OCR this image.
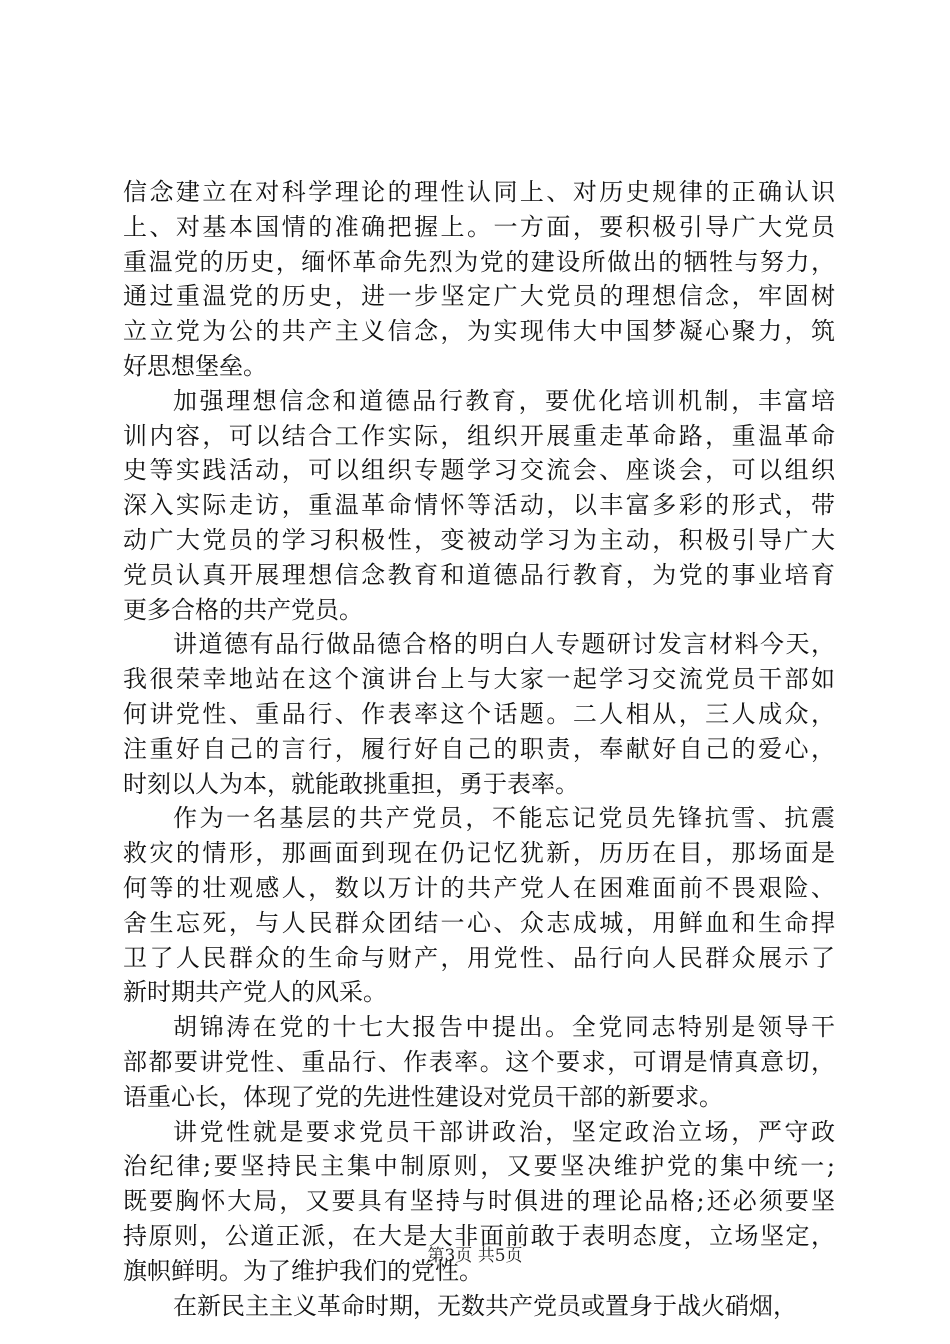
信念建立在对科学理论的理性认同上、对历史规律的正确认识
上、对基本国情的准确把握上。一方面，要积极引导广大党员
重温党的历史，缅怀革命先烈为党的建设所做出的牺牲与努力，
通过重温党的历史，进一步坚定广大党员的理想信念，牢固树
立立党为公的共产主义信念，为实现伟大中国梦凝心聚力，筑
好思想堡垒。
加强理想信念和道德品行教育，要优化培训机制，丰富培
训内容，可以结合工作实际，组织开展重走革命路，重温革命
史等实践活动，可以组织专题学习交流会、座谈会，可以组织
深入实际走访，重温革命情怀等活动，以丰富多彩的形式，带
动广大党员的学习积极性，变被动学习为主动，积极引导广大
党员认真开展理想信念教育和道德品行教育，为党的事业培育
更多合格的共产党员。
讲道德有品行做品德合格的明白人专题研讨发言材料今天，
我很荣幸地站在这个演讲台上与大家一起学习交流党员干部如
何讲党性、重品行、作表率这个话题。二人相从，三人成众，
注重好自己的言行，履行好自己的职责，奉献好自己的爱心，
时刻以人为本，就能敢挑重担，勇于表率。
作为一名基层的共产党员，不能忘记党员先锋抗雪、抗震
救灾的情形，那画面到现在仍记忆犹新，历历在目，那场面是
何等的壮观感人，数以万计的共产党人在困难面前不畏艰险、
舍生忘死，与人民群众团结一心、众志成城，用鲜血和生命捍
卫了人民群众的生命与财产，用党性、品行向人民群众展示了
新时期共产党人的风采。
胡锦涛在党的十七大报告中提出。全党同志特别是领导干
部都要讲党性、重品行、作表率。这个要求，可谓是情真意切，
语重心长，体现了党的先进性建设对党员干部的新要求。
讲党性就是要求党员干部讲政治，坚定政治立场，严守政
治纪律;要坚持民主集中制原则，又要坚决维护党的集中统一;
既要胸怀大局，又要具有坚持与时俱进的理论品格;还必须要坚
持原则，公道正派，在大是大非面前敢于表明态度，立场坚定，
旗帜鲜明。为了维护我们的党性。
在新民主主义革命时期，无数共产党员或置身于战火硝烟，
第3页 共5页
